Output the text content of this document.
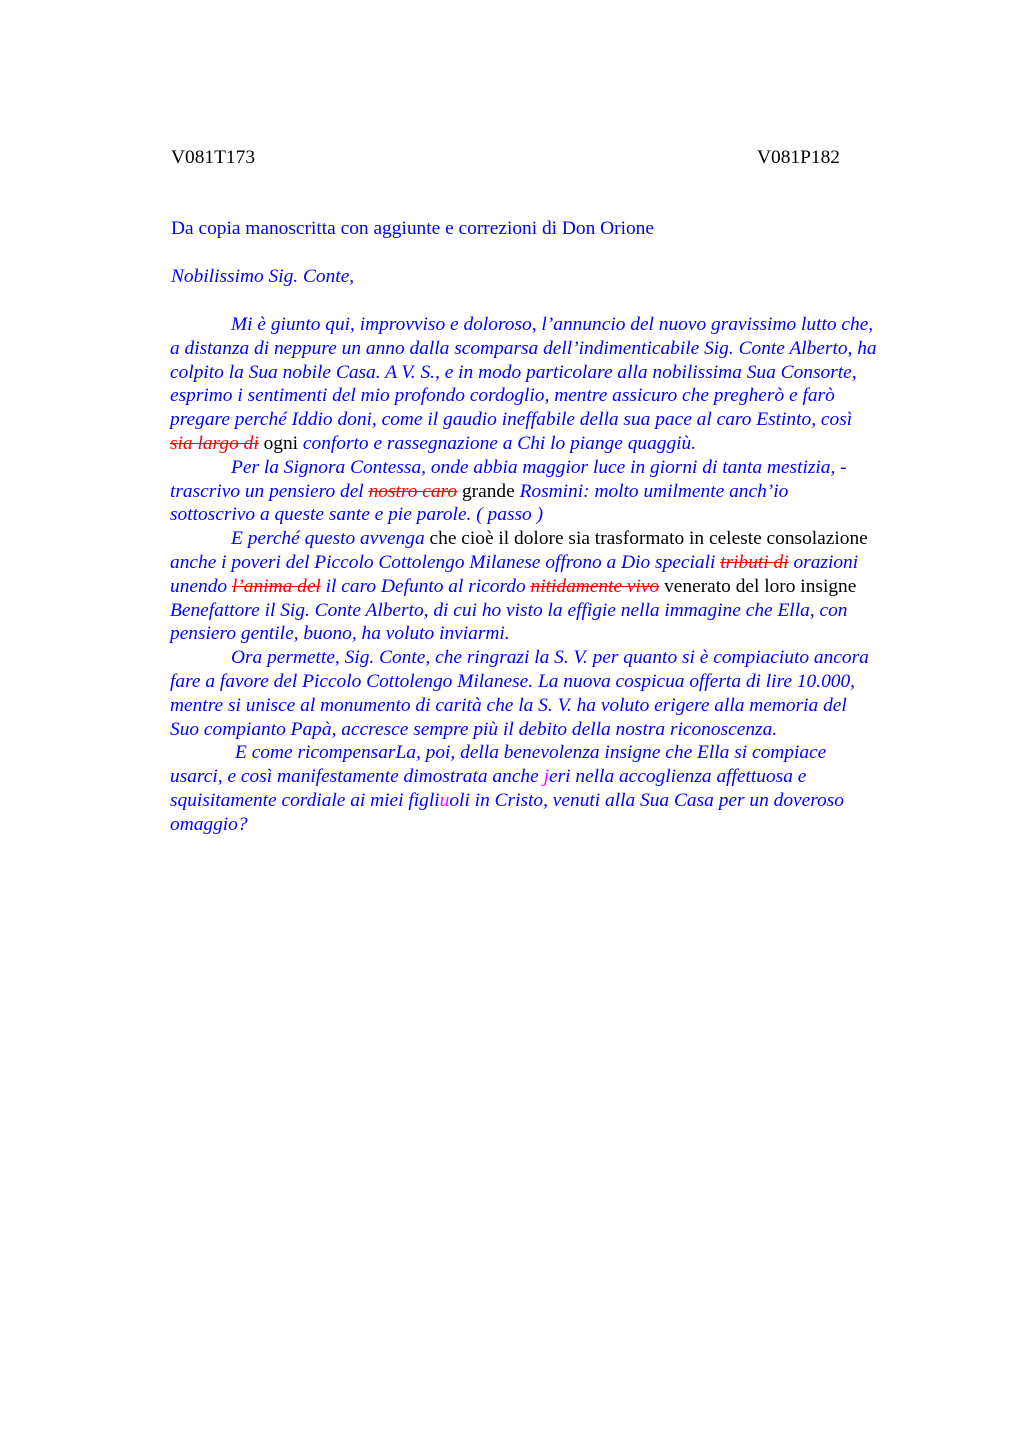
V081T173	V081P182
Da copia manoscritta con aggiunte e correzioni di Don Orione
Nobilissimo Sig. Conte,
Mi è giunto qui, improvviso e doloroso, l’annuncio del nuovo gravissimo lutto che,
a distanza di neppure un anno dalla scomparsa dell’indimenticabile Sig. Conte Alberto, ha
colpito la Sua nobile Casa. A V. S., e in modo particolare alla nobilissima Sua Consorte,
esprimo i sentimenti del mio profondo cordoglio, mentre assicuro che pregherò e farò
pregare perché Iddio doni, come il gaudio ineffabile della sua pace al caro Estinto, così
sia largo di ogni conforto e rassegnazione a Chi lo piange quaggiù.
Per la Signora Contessa, onde abbia maggior luce in giorni di tanta mestizia, -
trascrivo un pensiero del nostro caro grande Rosmini: molto umilmente anch’io
sottoscrivo a queste sante e pie parole. ( passo )
E perché questo avvenga che cioè il dolore sia trasformato in celeste consolazione
anche i poveri del Piccolo Cottolengo Milanese offrono a Dio speciali tributi di orazioni
unendo l’anima del il caro Defunto al ricordo nitidamente vivo venerato del loro insigne
Benefattore il Sig. Conte Alberto, di cui ho visto la effigie nella immagine che Ella, con
pensiero gentile, buono, ha voluto inviarmi.
Ora permette, Sig. Conte, che ringrazi la S. V. per quanto si è compiaciuto ancora
fare a favore del Piccolo Cottolengo Milanese. La nuova cospicua offerta di lire 10.000,
mentre si unisce al monumento di carità che la S. V. ha voluto erigere alla memoria del
Suo compianto Papà, accresce sempre più il debito della nostra riconoscenza.
E come ricompensarLa, poi, della benevolenza insigne che Ella si compiace
usarci, e così manifestamente dimostrata anche jeri nella accoglienza affettuosa e
squisitamente cordiale ai miei figliuoli in Cristo, venuti alla Sua Casa per un doveroso
omaggio?
